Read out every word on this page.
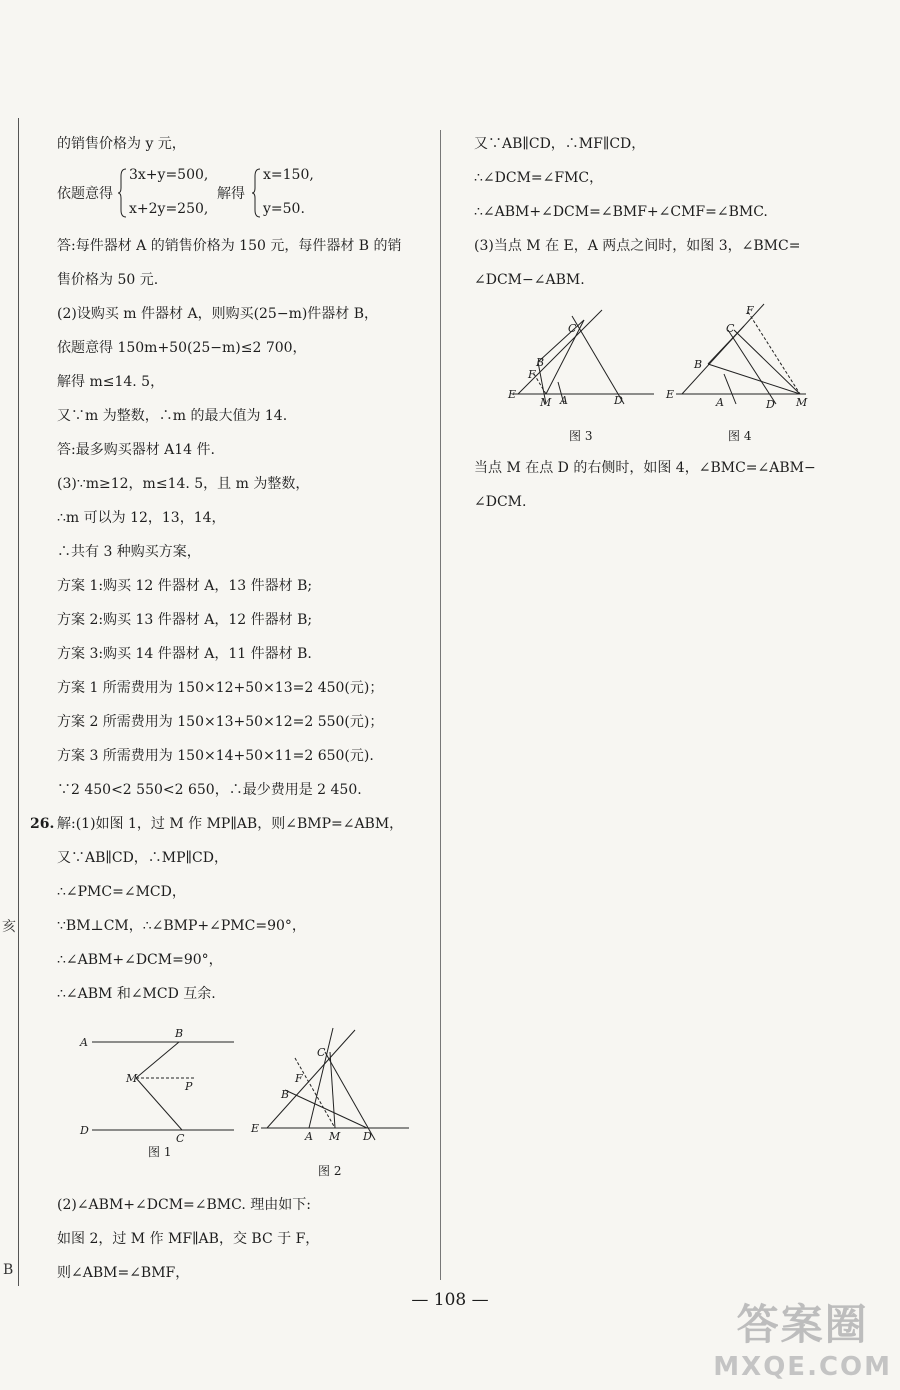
亥
B
的销售价格为 y 元，
依题意得
3x+y=500,
x+2y=250,
解得
x=150,
y=50.
答:每件器材 A 的销售价格为 150 元，每件器材 B 的销
售价格为 50 元.
(2)设购买 m 件器材 A，则购买(25−m)件器材 B，
依题意得 150m+50(25−m)≤2 700，
解得 m≤14. 5，
又∵m 为整数，∴m 的最大值为 14.
答:最多购买器材 A14 件.
(3)∵m≥12，m≤14. 5，且 m 为整数，
∴m 可以为 12，13，14，
∴共有 3 种购买方案，
方案 1:购买 12 件器材 A，13 件器材 B;
方案 2:购买 13 件器材 A，12 件器材 B;
方案 3:购买 14 件器材 A，11 件器材 B.
方案 1 所需费用为 150×12+50×13=2 450(元)；
方案 2 所需费用为 150×13+50×12=2 550(元)；
方案 3 所需费用为 150×14+50×11=2 650(元).
∵2 450<2 550<2 650，∴最少费用是 2 450.
26. 解:(1)如图 1，过 M 作 MP∥AB，则∠BMP=∠ABM，
又∵AB∥CD，∴MP∥CD，
∴∠PMC=∠MCD，
∵BM⊥CM，∴∠BMP+∠PMC=90°，
∴∠ABM+∠DCM=90°，
∴∠ABM 和∠MCD 互余.
A
B
M
P
D
C
图 1
E
A M D
B
F
C
图 2
(2)∠ABM+∠DCM=∠BMC. 理由如下:
如图 2，过 M 作 MF∥AB，交 BC 于 F，
则∠ABM=∠BMF，
又∵AB∥CD，∴MF∥CD，
∴∠DCM=∠FMC，
∴∠ABM+∠DCM=∠BMF+∠CMF=∠BMC.
(3)当点 M 在 E，A 两点之间时，如图 3，∠BMC=
∠DCM−∠ABM.
E
M A	D
B
F
C
图 3
E
A	D M
B
C
F
图 4
当点 M 在点 D 的右侧时，如图 4，∠BMC=∠ABM−
∠DCM.
— 108 —	答案圈
MXQE.COM
